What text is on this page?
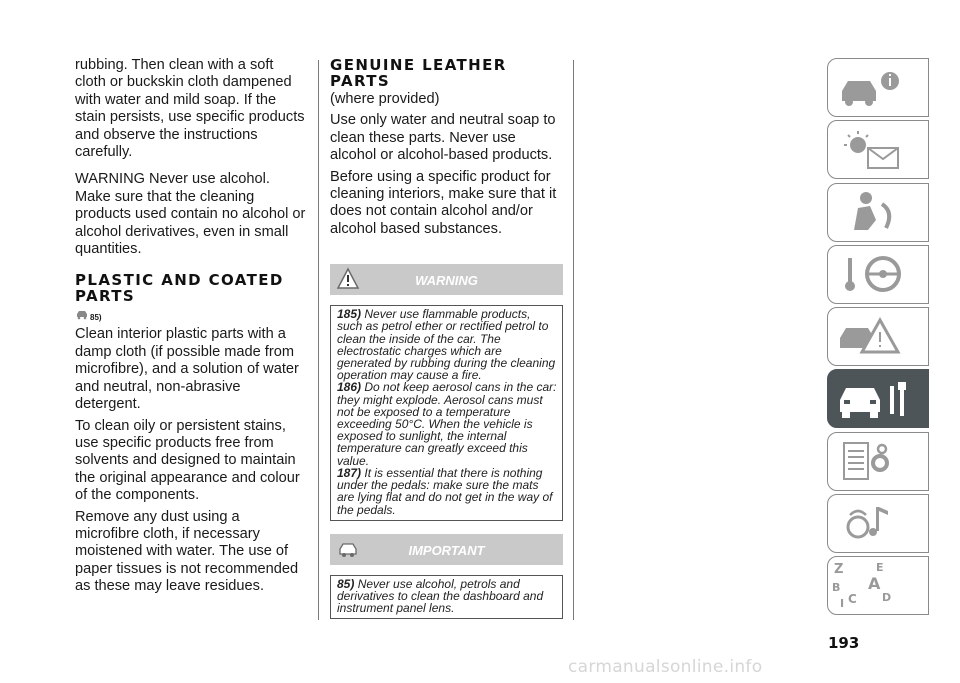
rubbing. Then clean with a soft cloth or buckskin cloth dampened with water and mild soap. If the stain persists, use specific products and observe the instructions carefully.

WARNING Never use alcohol. Make sure that the cleaning products used contain no alcohol or alcohol derivatives, even in small quantities.

PLASTIC AND COATED PARTS
85)

Clean interior plastic parts with a damp cloth (if possible made from microfibre), and a solution of water and neutral, non-abrasive detergent.

To clean oily or persistent stains, use specific products free from solvents and designed to maintain the original appearance and colour of the components.

Remove any dust using a microfibre cloth, if necessary moistened with water. The use of paper tissues is not recommended as these may leave residues.

GENUINE LEATHER PARTS

(where provided)

Use only water and neutral soap to clean these parts. Never use alcohol or alcohol-based products.

Before using a specific product for cleaning interiors, make sure that it does not contain alcohol and/or alcohol based substances.

WARNING

185) Never use flammable products, such as petrol ether or rectified petrol to clean the inside of the car. The electrostatic charges which are generated by rubbing during the cleaning operation may cause a fire.

186) Do not keep aerosol cans in the car: they might explode. Aerosol cans must not be exposed to a temperature exceeding 50°C. When the vehicle is exposed to sunlight, the internal temperature can greatly exceed this value.

187) It is essential that there is nothing under the pedals: make sure the mats are lying flat and do not get in the way of the pedals.

IMPORTANT

85) Never use alcohol, petrols and derivatives to clean the dashboard and instrument panel lens.

Z	E
A
B
I C D
193
carmanualsonline.info
